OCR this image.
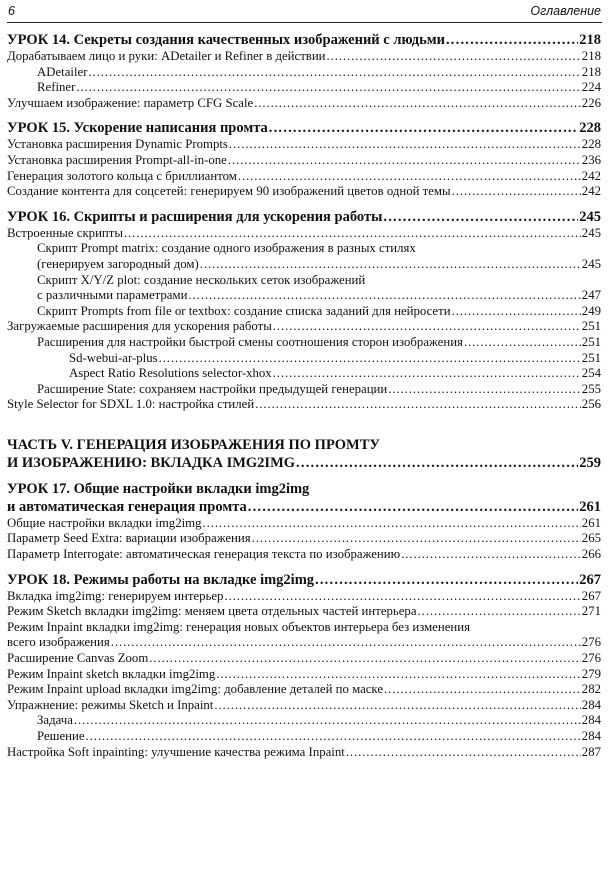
6	Оглавление
УРОК 14. Секреты создания качественных изображений с людьми .....	218
Дорабатываем лицо и руки: ADetailer и Refiner в действии .....	218
ADetailer .....	218
Refiner .....	224
Улучшаем изображение: параметр CFG Scale .....	226
УРОК 15. Ускорение написания промта .....	228
Установка расширения Dynamic Prompts .....	228
Установка расширения Prompt-all-in-one .....	236
Генерация золотого кольца с бриллиантом .....	242
Создание контента для соцсетей: генерируем 90 изображений цветов одной темы .....	242
УРОК 16. Скрипты и расширения для ускорения работы .....	245
Встроенные скрипты .....	245
Скрипт Prompt matrix: создание одного изображения в разных стилях
(генерируем загородный дом) .....	245
Скрипт X/Y/Z plot: создание нескольких сеток изображений
с различными параметрами .....	247
Скрипт Prompts from file or textbox: создание списка заданий для нейросети .....	249
Загружаемые расширения для ускорения работы .....	251
Расширения для настройки быстрой смены соотношения сторон изображения .....	251
Sd-webui-ar-plus .....	251
Aspect Ratio Resolutions selector-xhox .....	254
Расширение State: сохраняем настройки предыдущей генерации .....	255
Style Selector for SDXL 1.0: настройка стилей .....	256
ЧАСТЬ V. ГЕНЕРАЦИЯ ИЗОБРАЖЕНИЯ ПО ПРОМТУ
И ИЗОБРАЖЕНИЮ: ВКЛАДКА IMG2IMG .....	259
УРОК 17. Общие настройки вкладки img2img
и автоматическая генерация промта .....	261
Общие настройки вкладки img2img .....	261
Параметр Seed Extra: вариации изображения .....	265
Параметр Interrogate: автоматическая генерация текста по изображению .....	266
УРОК 18. Режимы работы на вкладке img2img .....	267
Вкладка img2img: генерируем интерьер .....	267
Режим Sketch вкладки img2img: меняем цвета отдельных частей интерьера .....	271
Режим Inpaint вкладки img2img: генерация новых объектов интерьера без изменения
всего изображения .....	276
Расширение Canvas Zoom .....	276
Режим Inpaint sketch вкладки img2img .....	279
Режим Inpaint upload вкладки img2img: добавление деталей по маске .....	282
Упражнение: режимы Sketch и Inpaint .....	284
Задача .....	284
Решение .....	284
Настройка Soft inpainting: улучшение качества режима Inpaint .....	287
